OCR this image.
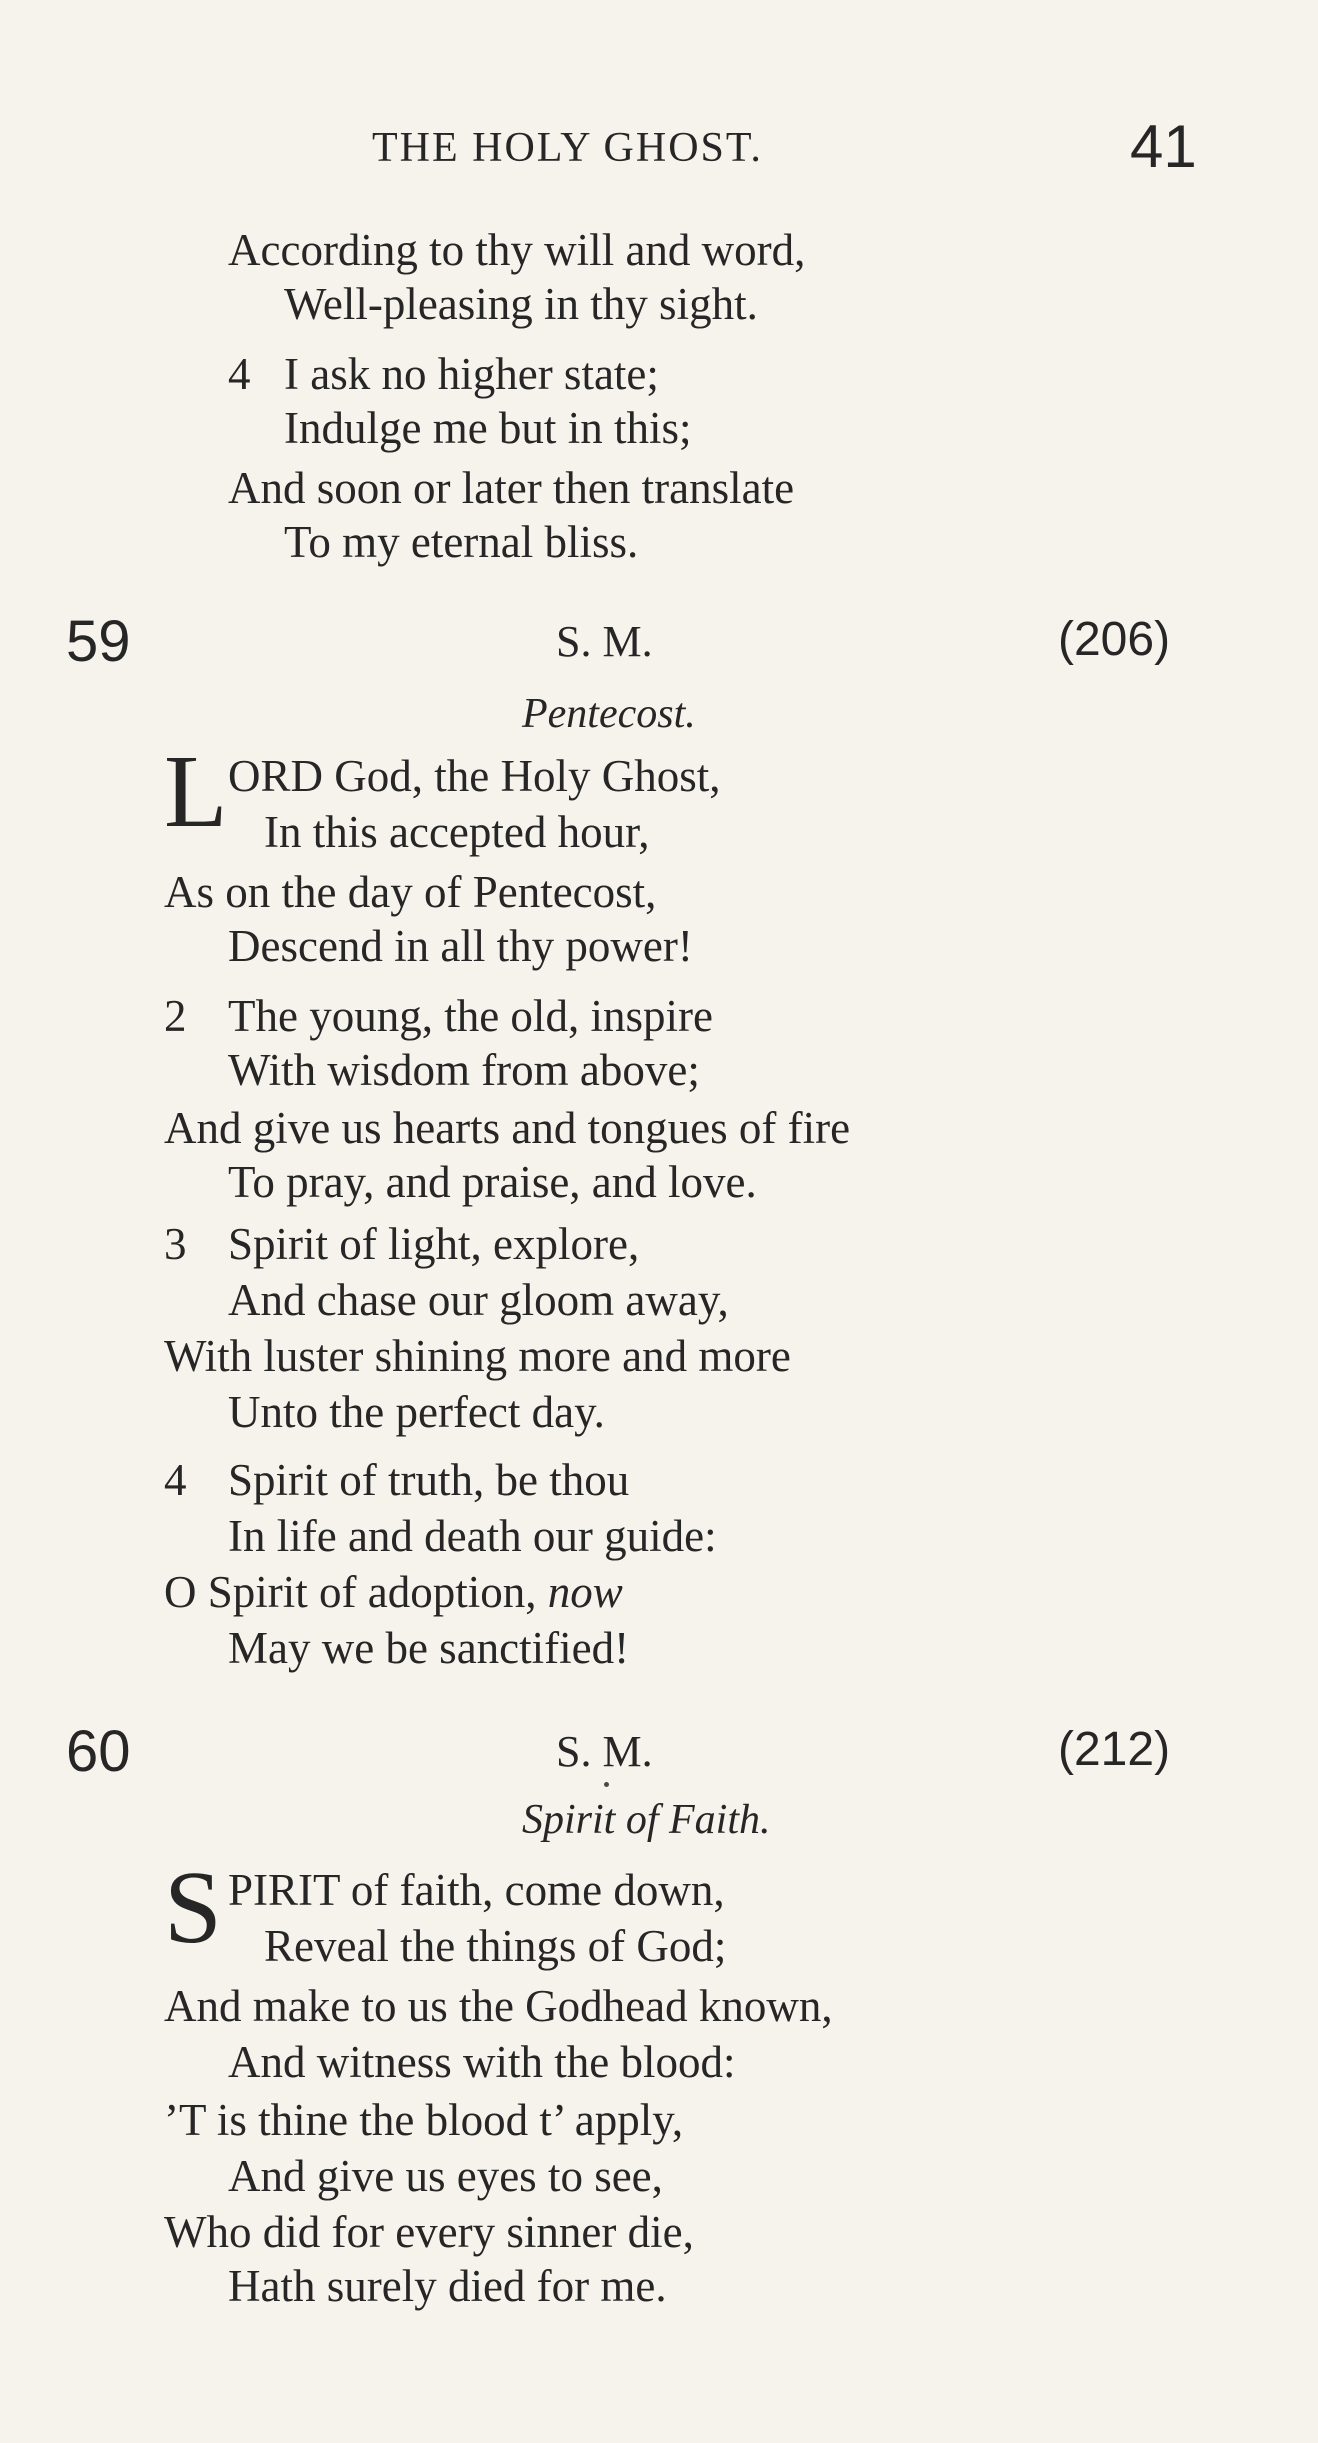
THE HOLY GHOST.	41
According to thy will and word,
Well-pleasing in thy sight.
4 I ask no higher state;
Indulge me but in this;
And soon or later then translate
To my eternal bliss.
59	S. M.	(206)
Pentecost.
L ORD God, the Holy Ghost,
In this accepted hour,
As on the day of Pentecost,
Descend in all thy power!
2 The young, the old, inspire
With wisdom from above;
And give us hearts and tongues of fire
To pray, and praise, and love.
3 Spirit of light, explore,
And chase our gloom away,
With luster shining more and more
Unto the perfect day.
4 Spirit of truth, be thou
In life and death our guide:
O Spirit of adoption, now
May we be sanctified!
60	S. M.	(212)
Spirit of Faith.
S PIRIT of faith, come down,
Reveal the things of God;
And make to us the Godhead known,
And witness with the blood:
’T is thine the blood t’ apply,
And give us eyes to see,
Who did for every sinner die,
Hath surely died for me.
